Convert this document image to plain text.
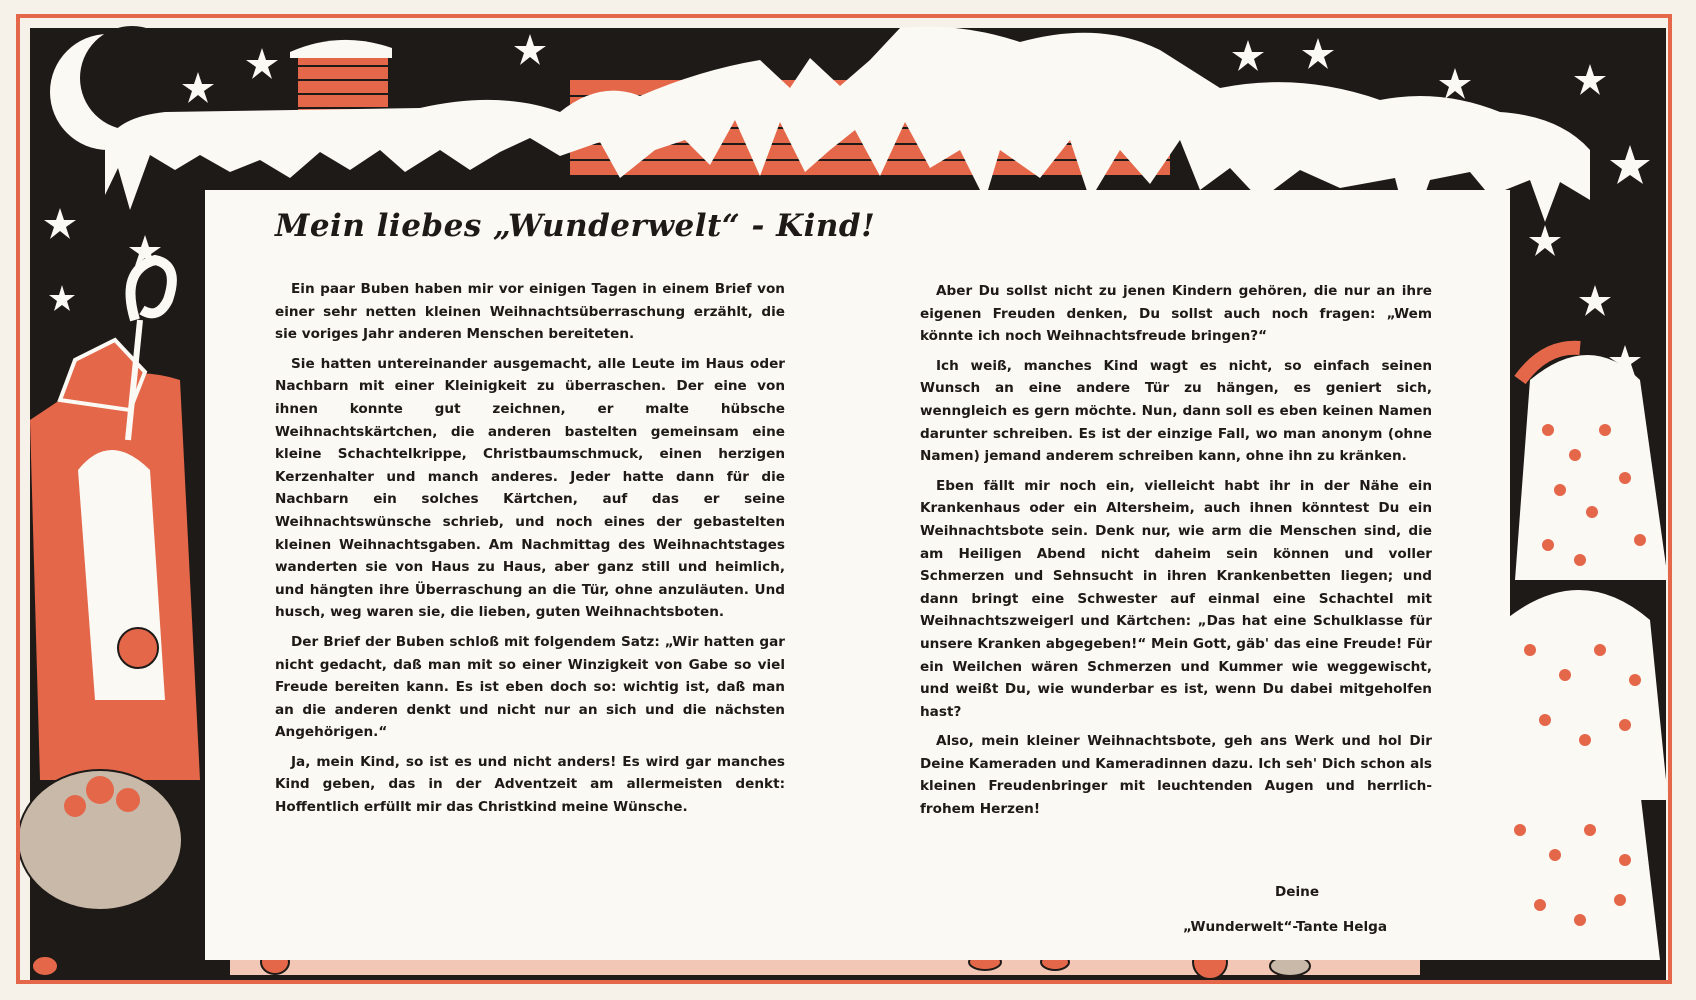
Mein liebes „Wunderwelt“ - Kind!

Ein paar Buben haben mir vor einigen Tagen in einem Brief von einer sehr netten kleinen Weihnachtsüberraschung erzählt, die sie voriges Jahr anderen Menschen bereiteten.

Sie hatten untereinander ausgemacht, alle Leute im Haus oder Nachbarn mit einer Kleinigkeit zu überraschen. Der eine von ihnen konnte gut zeichnen, er malte hübsche Weihnachtskärtchen, die anderen bastelten gemeinsam eine kleine Schachtelkrippe, Christbaumschmuck, einen herzigen Kerzenhalter und manch anderes. Jeder hatte dann für die Nachbarn ein solches Kärtchen, auf das er seine Weihnachtswünsche schrieb, und noch eines der gebastelten kleinen Weihnachtsgaben. Am Nachmittag des Weihnachtstages wanderten sie von Haus zu Haus, aber ganz still und heimlich, und hängten ihre Überraschung an die Tür, ohne anzuläuten. Und husch, weg waren sie, die lieben, guten Weihnachtsboten.

Der Brief der Buben schloß mit folgendem Satz: „Wir hatten gar nicht gedacht, daß man mit so einer Winzigkeit von Gabe so viel Freude bereiten kann. Es ist eben doch so: wichtig ist, daß man an die anderen denkt und nicht nur an sich und die nächsten Angehörigen.“

Ja, mein Kind, so ist es und nicht anders! Es wird gar manches Kind geben, das in der Adventzeit am allermeisten denkt: Hoffentlich erfüllt mir das Christkind meine Wünsche.

Aber Du sollst nicht zu jenen Kindern gehören, die nur an ihre eigenen Freuden denken, Du sollst auch noch fragen: „Wem könnte ich noch Weihnachtsfreude bringen?“

Ich weiß, manches Kind wagt es nicht, so einfach seinen Wunsch an eine andere Tür zu hängen, es geniert sich, wenngleich es gern möchte. Nun, dann soll es eben keinen Namen darunter schreiben. Es ist der einzige Fall, wo man anonym (ohne Namen) jemand anderem schreiben kann, ohne ihn zu kränken.

Eben fällt mir noch ein, vielleicht habt ihr in der Nähe ein Krankenhaus oder ein Altersheim, auch ihnen könntest Du ein Weihnachtsbote sein. Denk nur, wie arm die Menschen sind, die am Heiligen Abend nicht daheim sein können und voller Schmerzen und Sehnsucht in ihren Krankenbetten liegen; und dann bringt eine Schwester auf einmal eine Schachtel mit Weihnachtszweigerl und Kärtchen: „Das hat eine Schulklasse für unsere Kranken abgegeben!“ Mein Gott, gäb' das eine Freude! Für ein Weilchen wären Schmerzen und Kummer wie weggewischt, und weißt Du, wie wunderbar es ist, wenn Du dabei mitgeholfen hast?

Also, mein kleiner Weihnachtsbote, geh ans Werk und hol Dir Deine Kameraden und Kameradinnen dazu. Ich seh' Dich schon als kleinen Freudenbringer mit leuchtenden Augen und herrlich-frohem Herzen!

Deine
„Wunderwelt“-Tante Helga
